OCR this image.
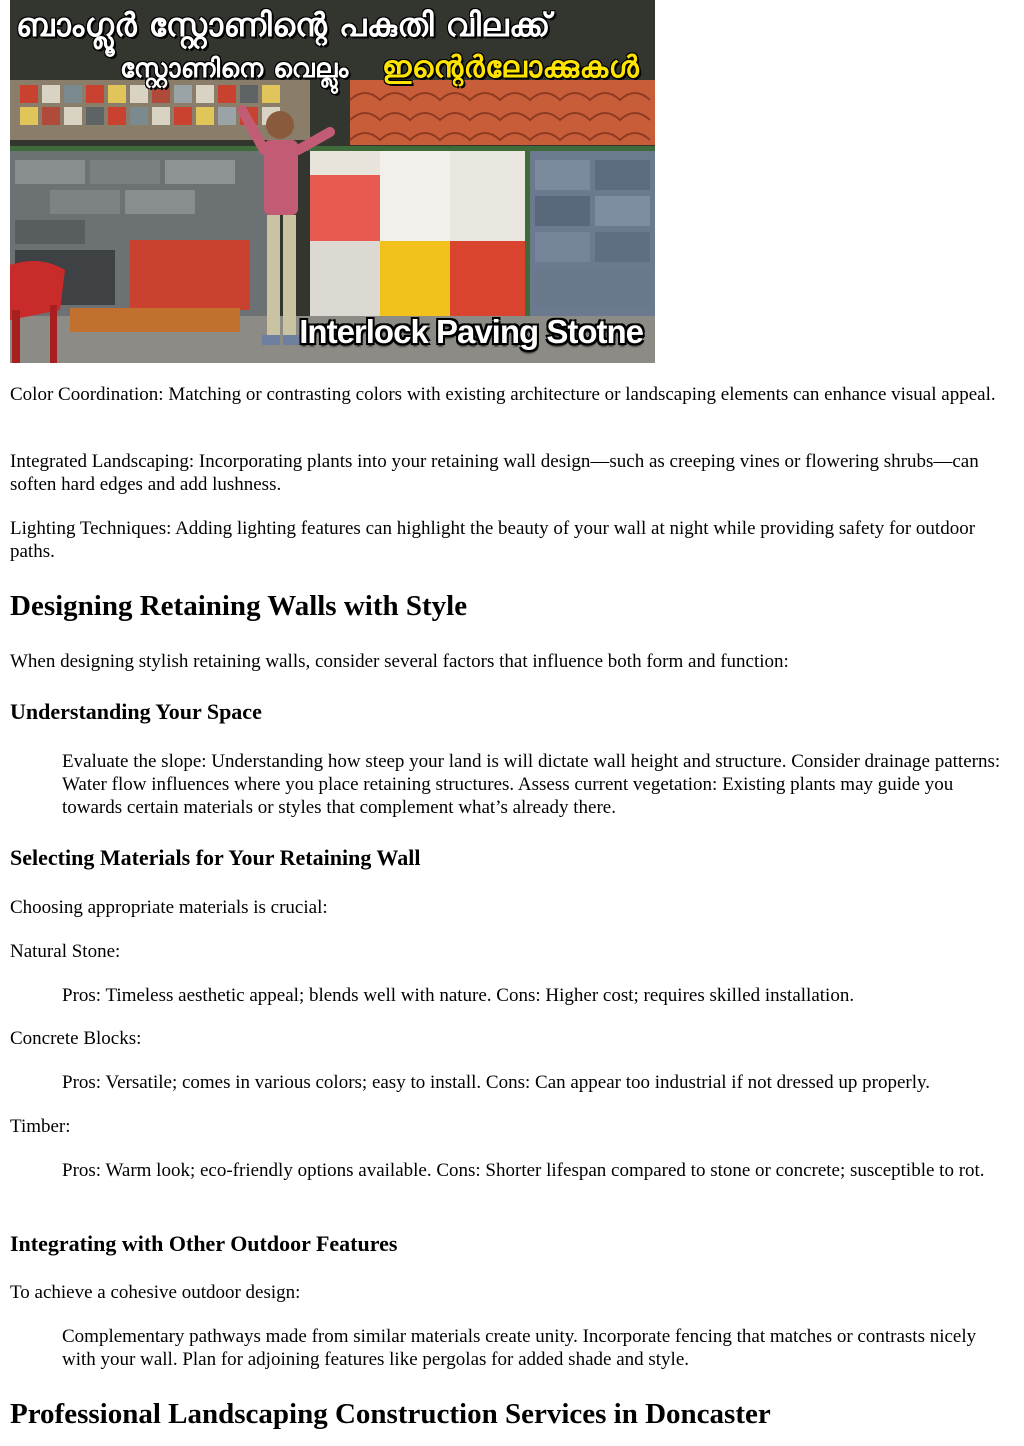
ബാംഗ്ലൂർ സ്റ്റോണിന്റെ പകുതി വിലക്ക്
സ്റ്റോണിനെ വെല്ലും ഇന്റെർലോക്കുകൾ
Interlock Paving Stotne

Color Coordination: Matching or contrasting colors with existing architecture or landscaping elements can enhance visual appeal.

Integrated Landscaping: Incorporating plants into your retaining wall design—such as creeping vines or flowering shrubs—can soften hard edges and add lushness.

Lighting Techniques: Adding lighting features can highlight the beauty of your wall at night while providing safety for outdoor paths.

Designing Retaining Walls with Style

When designing stylish retaining walls, consider several factors that influence both form and function:

Understanding Your Space

Evaluate the slope: Understanding how steep your land is will dictate wall height and structure. Consider drainage patterns: Water flow influences where you place retaining structures. Assess current vegetation: Existing plants may guide you towards certain materials or styles that complement what’s already there.

Selecting Materials for Your Retaining Wall

Choosing appropriate materials is crucial:

Natural Stone:

Pros: Timeless aesthetic appeal; blends well with nature. Cons: Higher cost; requires skilled installation.

Concrete Blocks:

Pros: Versatile; comes in various colors; easy to install. Cons: Can appear too industrial if not dressed up properly.

Timber:

Pros: Warm look; eco-friendly options available. Cons: Shorter lifespan compared to stone or concrete; susceptible to rot.

Integrating with Other Outdoor Features

To achieve a cohesive outdoor design:

Complementary pathways made from similar materials create unity. Incorporate fencing that matches or contrasts nicely with your wall. Plan for adjoining features like pergolas for added shade and style.

Professional Landscaping Construction Services in Doncaster
